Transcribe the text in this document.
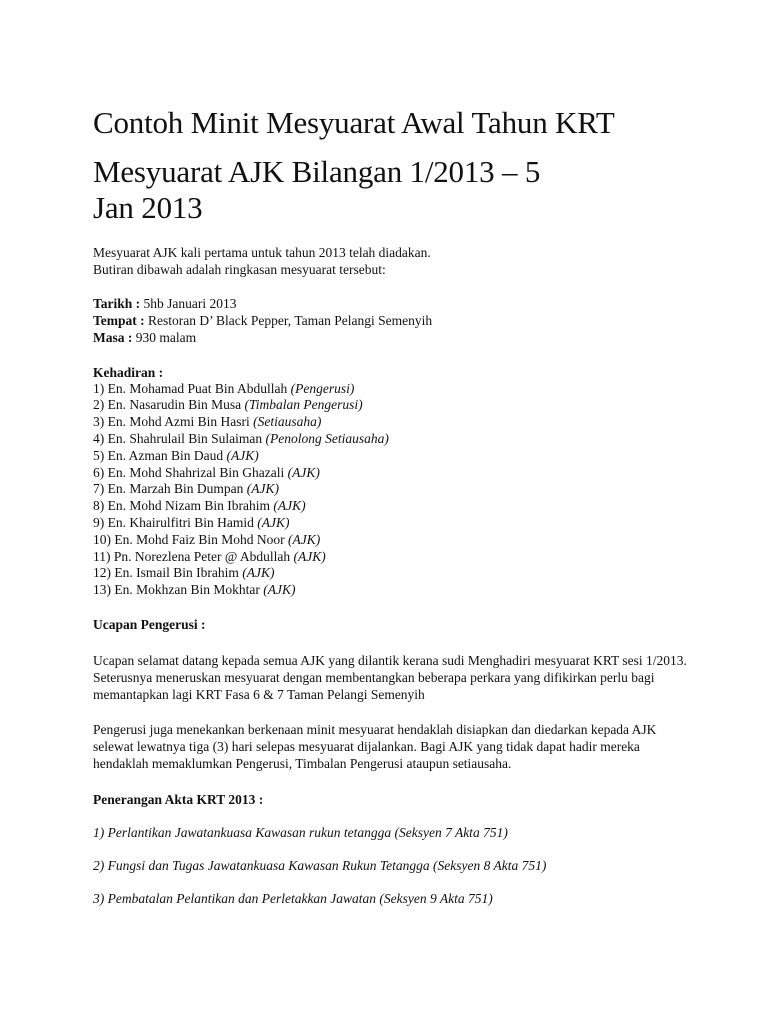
Contoh Minit Mesyuarat Awal Tahun KRT
Mesyuarat AJK Bilangan 1/2013 – 5
Jan 2013
Mesyuarat AJK kali pertama untuk tahun 2013 telah diadakan.
Butiran dibawah adalah ringkasan mesyuarat tersebut:
Tarikh : 5hb Januari 2013
Tempat : Restoran D’ Black Pepper, Taman Pelangi Semenyih
Masa : 930 malam
Kehadiran :
1) En. Mohamad Puat Bin Abdullah (Pengerusi)
2) En. Nasarudin Bin Musa (Timbalan Pengerusi)
3) En. Mohd Azmi Bin Hasri (Setiausaha)
4) En. Shahrulail Bin Sulaiman (Penolong Setiausaha)
5) En. Azman Bin Daud (AJK)
6) En. Mohd Shahrizal Bin Ghazali (AJK)
7) En. Marzah Bin Dumpan (AJK)
8) En. Mohd Nizam Bin Ibrahim (AJK)
9) En. Khairulfitri Bin Hamid (AJK)
10) En. Mohd Faiz Bin Mohd Noor (AJK)
11) Pn. Norezlena Peter @ Abdullah (AJK)
12) En. Ismail Bin Ibrahim (AJK)
13) En. Mokhzan Bin Mokhtar (AJK)
Ucapan Pengerusi :
Ucapan selamat datang kepada semua AJK yang dilantik kerana sudi Menghadiri mesyuarat KRT sesi 1/2013. Seterusnya meneruskan mesyuarat dengan membentangkan beberapa perkara yang difikirkan perlu bagi memantapkan lagi KRT Fasa 6 & 7 Taman Pelangi Semenyih
Pengerusi juga menekankan berkenaan minit mesyuarat hendaklah disiapkan dan diedarkan kepada AJK selewat lewatnya tiga (3) hari selepas mesyuarat dijalankan. Bagi AJK yang tidak dapat hadir mereka hendaklah memaklumkan Pengerusi, Timbalan Pengerusi ataupun setiausaha.
Penerangan Akta KRT 2013 :
1) Perlantikan Jawatankuasa Kawasan rukun tetangga (Seksyen 7 Akta 751)
2) Fungsi dan Tugas Jawatankuasa Kawasan Rukun Tetangga (Seksyen 8 Akta 751)
3) Pembatalan Pelantikan dan Perletakkan Jawatan (Seksyen 9 Akta 751)
